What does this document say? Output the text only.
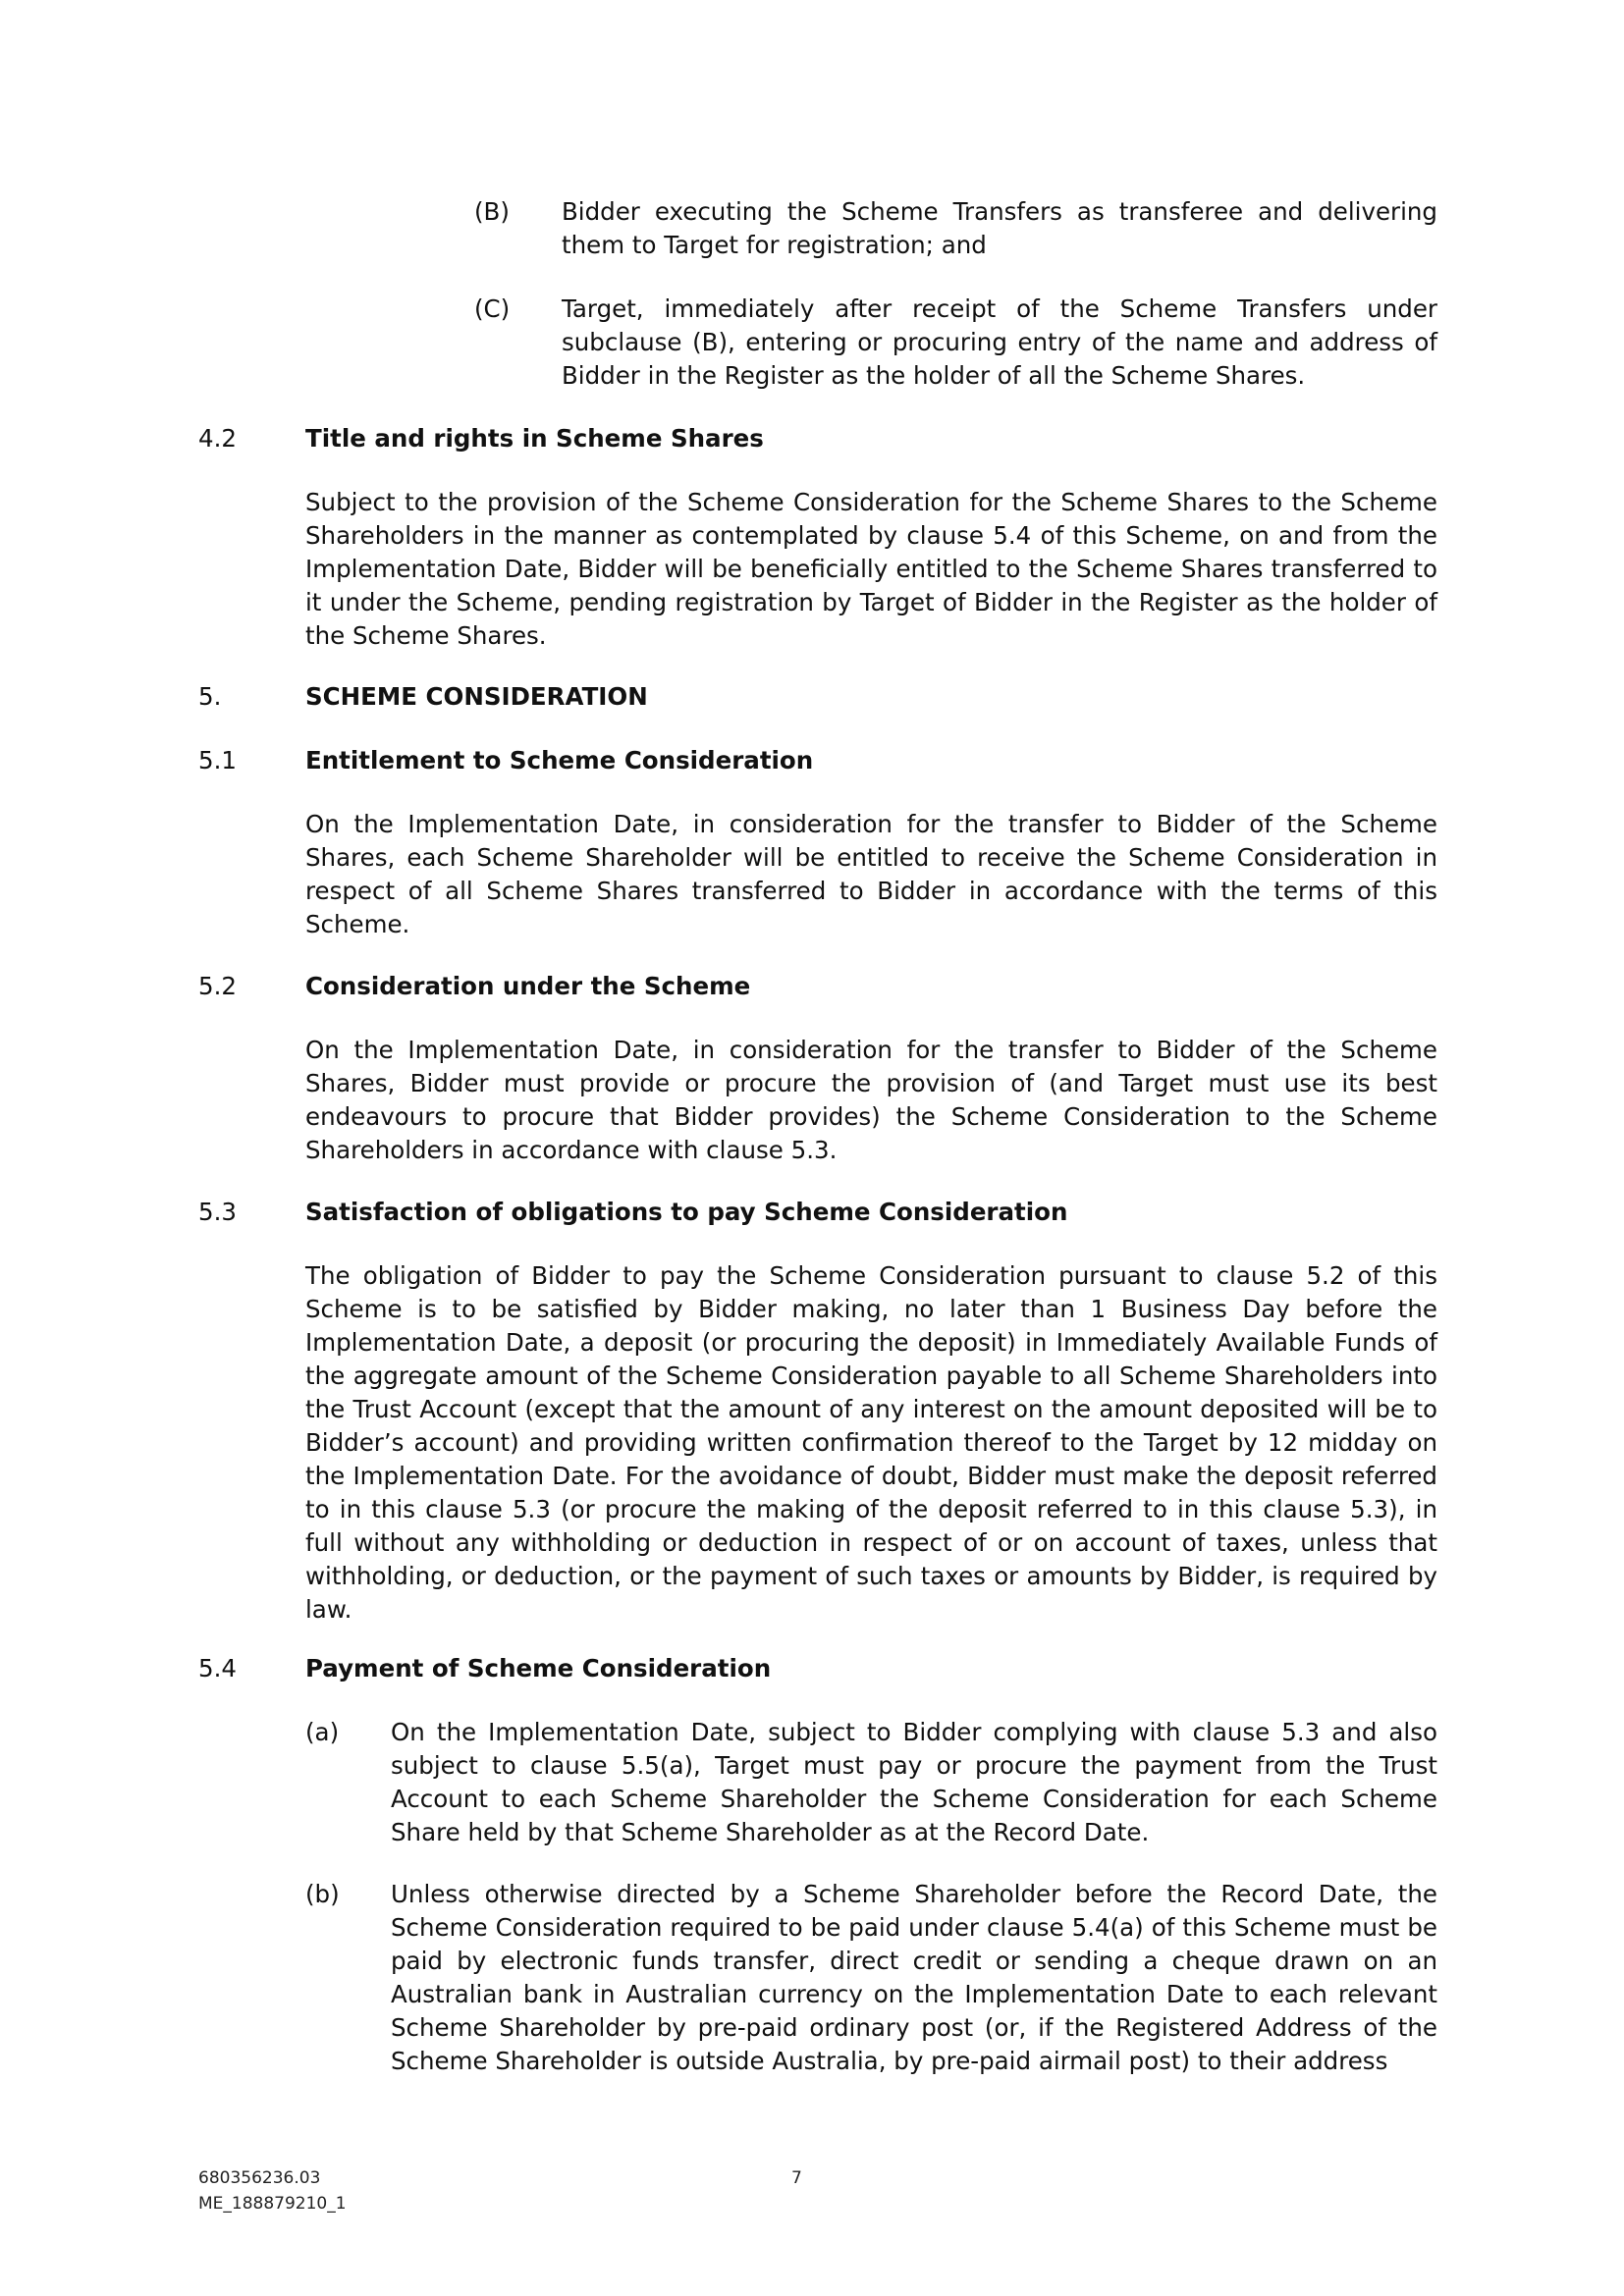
(B) Bidder executing the Scheme Transfers as transferee and delivering them to Target for registration; and
(C) Target, immediately after receipt of the Scheme Transfers under subclause (B), entering or procuring entry of the name and address of Bidder in the Register as the holder of all the Scheme Shares.
4.2	Title and rights in Scheme Shares
Subject to the provision of the Scheme Consideration for the Scheme Shares to the Scheme Shareholders in the manner as contemplated by clause 5.4 of this Scheme, on and from the Implementation Date, Bidder will be beneficially entitled to the Scheme Shares transferred to it under the Scheme, pending registration by Target of Bidder in the Register as the holder of the Scheme Shares.
5.	SCHEME CONSIDERATION
5.1	Entitlement to Scheme Consideration
On the Implementation Date, in consideration for the transfer to Bidder of the Scheme Shares, each Scheme Shareholder will be entitled to receive the Scheme Consideration in respect of all Scheme Shares transferred to Bidder in accordance with the terms of this Scheme.
5.2	Consideration under the Scheme
On the Implementation Date, in consideration for the transfer to Bidder of the Scheme Shares, Bidder must provide or procure the provision of (and Target must use its best endeavours to procure that Bidder provides) the Scheme Consideration to the Scheme Shareholders in accordance with clause 5.3.
5.3	Satisfaction of obligations to pay Scheme Consideration
The obligation of Bidder to pay the Scheme Consideration pursuant to clause 5.2 of this Scheme is to be satisfied by Bidder making, no later than 1 Business Day before the Implementation Date, a deposit (or procuring the deposit) in Immediately Available Funds of the aggregate amount of the Scheme Consideration payable to all Scheme Shareholders into the Trust Account (except that the amount of any interest on the amount deposited will be to Bidder’s account) and providing written confirmation thereof to the Target by 12 midday on the Implementation Date. For the avoidance of doubt, Bidder must make the deposit referred to in this clause 5.3 (or procure the making of the deposit referred to in this clause 5.3), in full without any withholding or deduction in respect of or on account of taxes, unless that withholding, or deduction, or the payment of such taxes or amounts by Bidder, is required by law.
5.4	Payment of Scheme Consideration
(a) On the Implementation Date, subject to Bidder complying with clause 5.3 and also subject to clause 5.5(a), Target must pay or procure the payment from the Trust Account to each Scheme Shareholder the Scheme Consideration for each Scheme Share held by that Scheme Shareholder as at the Record Date.
(b) Unless otherwise directed by a Scheme Shareholder before the Record Date, the Scheme Consideration required to be paid under clause 5.4(a) of this Scheme must be paid by electronic funds transfer, direct credit or sending a cheque drawn on an Australian bank in Australian currency on the Implementation Date to each relevant Scheme Shareholder by pre-paid ordinary post (or, if the Registered Address of the Scheme Shareholder is outside Australia, by pre-paid airmail post) to their address
680356236.03
ME_188879210_1
7
